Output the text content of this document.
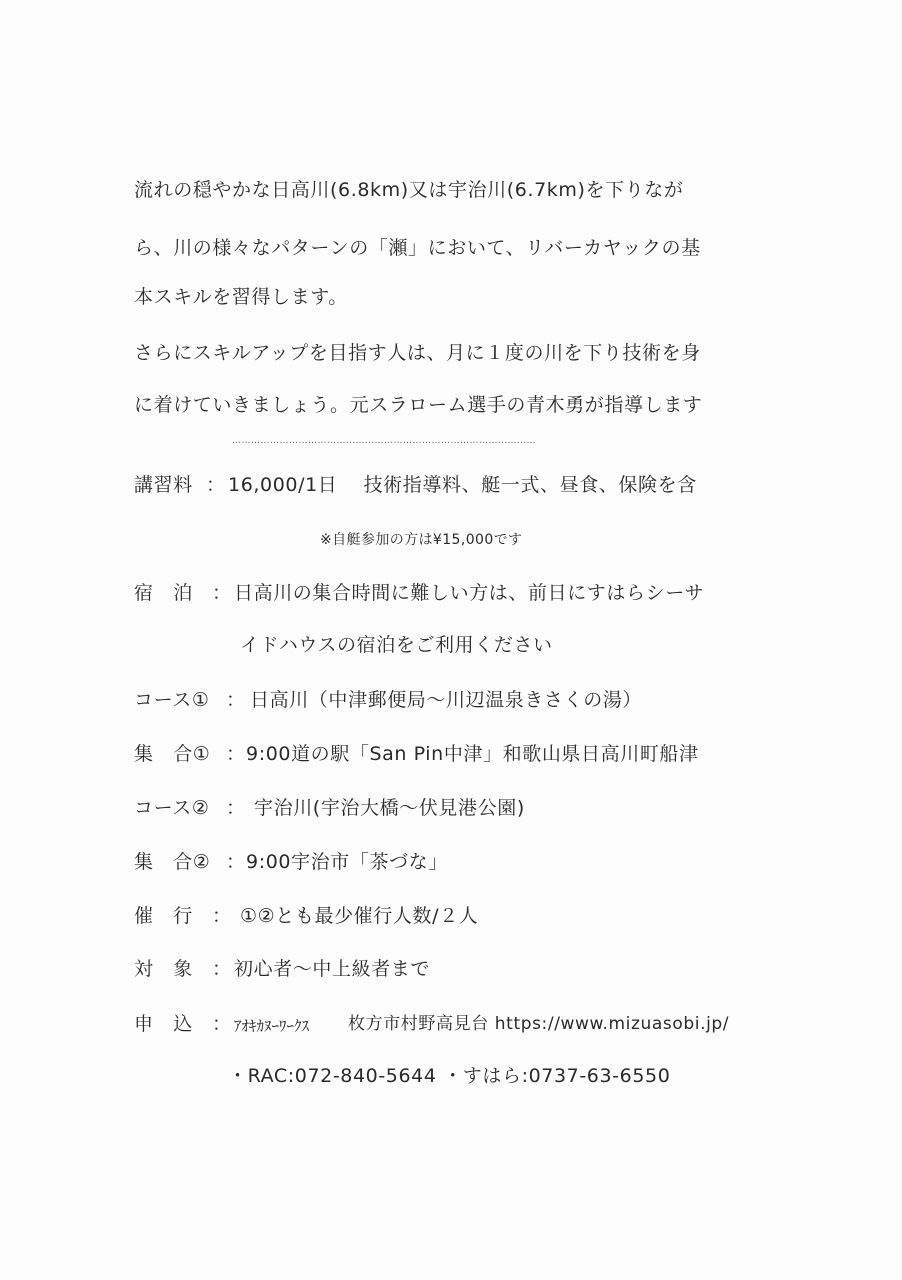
流れの穏やかな日高川(6.8km)又は宇治川(6.7km)を下りなが

ら、川の様々なパターンの「瀬」において、リバーカヤックの基

本スキルを習得します。

さらにスキルアップを目指す人は、月に１度の川を下り技術を身

に着けていきましょう。元スラローム選手の青木勇が指導します

……………………………………………………………………………………
講習料 ： 16,000/1日　 技術指導料、艇一式、昼食、保険を含

※自艇参加の方は¥15,000です

宿　泊 ： 日高川の集合時間に難しい方は、前日にすはらシーサ

イドハウスの宿泊をご利用ください

コース① ： 日高川（中津郵便局～川辺温泉きさくの湯）
集　合① ： 9:00道の駅「San Pin中津」和歌山県日高川町船津
コース② ： 宇治川(宇治大橋～伏見港公園)
集　合② ： 9:00宇治市「茶づな」
催　行 ： ①②とも最少催行人数/２人
対　象 ： 初心者～中上級者まで
申　込 ： ｱｵｷｶﾇｰﾜｰｸｽ 枚方市村野高見台 https://www.mizuasobi.jp/

・RAC:072-840-5644 ・すはら:0737-63-6550
